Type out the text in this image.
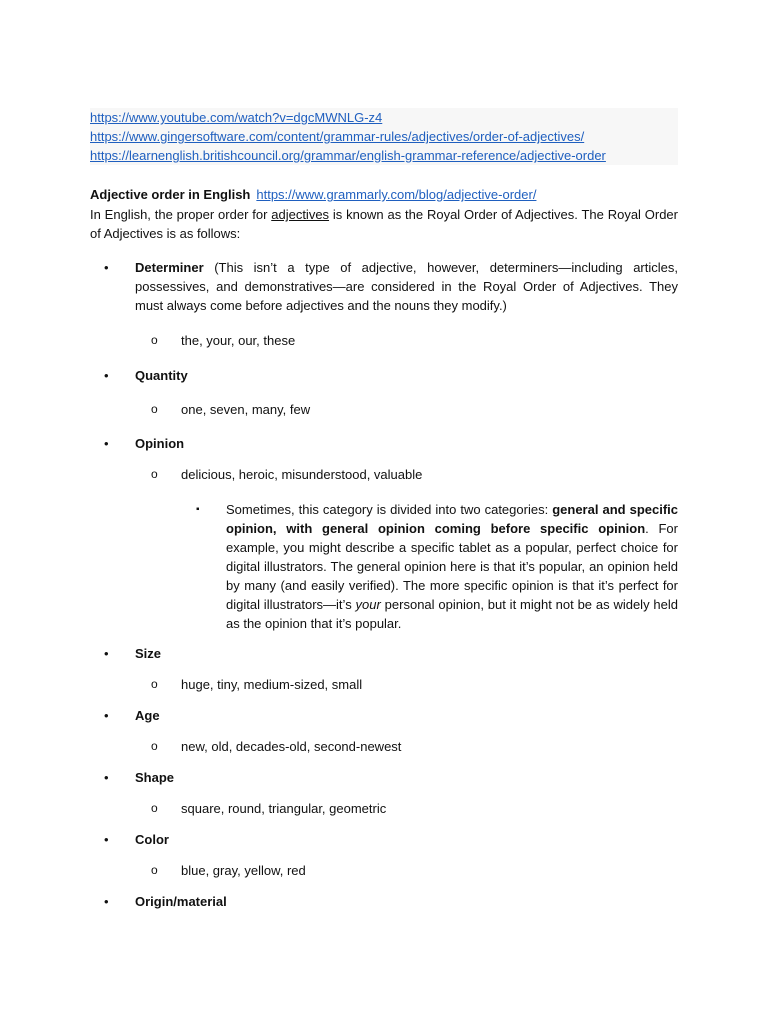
https://www.youtube.com/watch?v=dgcMWNLG-z4
https://www.gingersoftware.com/content/grammar-rules/adjectives/order-of-adjectives/
https://learnenglish.britishcouncil.org/grammar/english-grammar-reference/adjective-order
Adjective order in English https://www.grammarly.com/blog/adjective-order/
In English, the proper order for adjectives is known as the Royal Order of Adjectives. The Royal Order of Adjectives is as follows:
• Determiner (This isn’t a type of adjective, however, determiners—including articles, possessives, and demonstratives—are considered in the Royal Order of Adjectives. They must always come before adjectives and the nouns they modify.)
o the, your, our, these
• Quantity
o one, seven, many, few
• Opinion
o delicious, heroic, misunderstood, valuable
▪ Sometimes, this category is divided into two categories: general and specific opinion, with general opinion coming before specific opinion. For example, you might describe a specific tablet as a popular, perfect choice for digital illustrators. The general opinion here is that it’s popular, an opinion held by many (and easily verified). The more specific opinion is that it’s perfect for digital illustrators—it’s your personal opinion, but it might not be as widely held as the opinion that it’s popular.
• Size
o huge, tiny, medium-sized, small
• Age
o new, old, decades-old, second-newest
• Shape
o square, round, triangular, geometric
• Color
o blue, gray, yellow, red
• Origin/material
